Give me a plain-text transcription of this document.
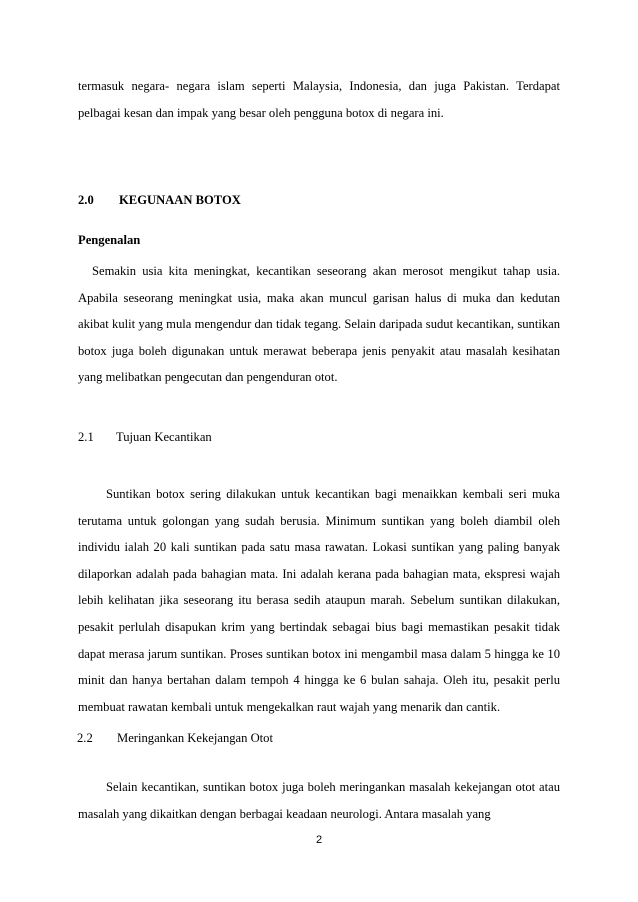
termasuk negara- negara islam seperti Malaysia, Indonesia, dan juga Pakistan. Terdapat pelbagai kesan dan impak yang besar oleh pengguna botox di negara ini.

2.0 KEGUNAAN BOTOX
Pengenalan

Semakin usia kita meningkat, kecantikan seseorang akan merosot mengikut tahap usia. Apabila seseorang meningkat usia, maka akan muncul garisan halus di muka dan kedutan akibat kulit yang mula mengendur dan tidak tegang. Selain daripada sudut kecantikan, suntikan botox juga boleh digunakan untuk merawat beberapa jenis penyakit atau masalah kesihatan yang melibatkan pengecutan dan pengenduran otot.

2.1 Tujuan Kecantikan

Suntikan botox sering dilakukan untuk kecantikan bagi menaikkan kembali seri muka terutama untuk golongan yang sudah berusia. Minimum suntikan yang boleh diambil oleh individu ialah 20 kali suntikan pada satu masa rawatan. Lokasi suntikan yang paling banyak dilaporkan adalah pada bahagian mata. Ini adalah kerana pada bahagian mata, ekspresi wajah lebih kelihatan jika seseorang itu berasa sedih ataupun marah. Sebelum suntikan dilakukan, pesakit perlulah disapukan krim yang bertindak sebagai bius bagi memastikan pesakit tidak dapat merasa jarum suntikan. Proses suntikan botox ini mengambil masa dalam 5 hingga ke 10 minit dan hanya bertahan dalam tempoh 4 hingga ke 6 bulan sahaja. Oleh itu, pesakit perlu membuat rawatan kembali untuk mengekalkan raut wajah yang menarik dan cantik.

2.2 Meringankan Kekejangan Otot

Selain kecantikan, suntikan botox juga boleh meringankan masalah kekejangan otot atau masalah yang dikaitkan dengan berbagai keadaan neurologi. Antara masalah yang

2
